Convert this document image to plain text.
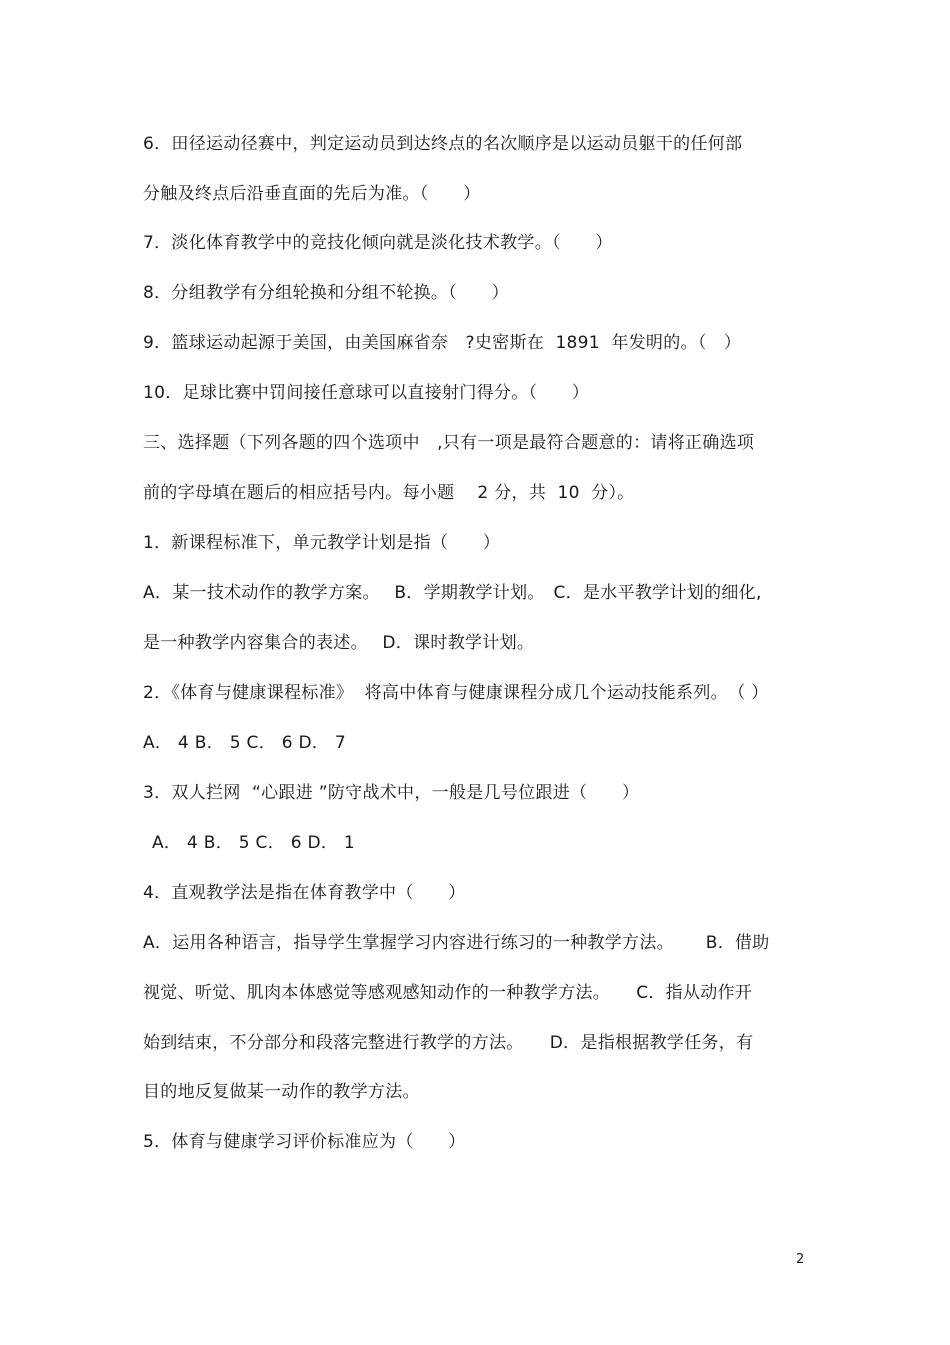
6．田径运动径赛中，判定运动员到达终点的名次顺序是以运动员躯干的任何部
分触及终点后沿垂直面的先后为准。（　　）
7．淡化体育教学中的竞技化倾向就是淡化技术教学。（　　）
8．分组教学有分组轮换和分组不轮换。（　　）
9．篮球运动起源于美国，由美国麻省奈　?史密斯在  1891  年发明的。（　）
10．足球比赛中罚间接任意球可以直接射门得分。（　　）
三、选择题（下列各题的四个选项中　,只有一项是最符合题意的：请将正确选项
前的字母填在题后的相应括号内。每小题　 2 分，共  10  分）。
1．新课程标准下，单元教学计划是指（　　）
A．某一技术动作的教学方案。　 B．学期教学计划。　C．是水平教学计划的细化,
是一种教学内容集合的表述。　 D．课时教学计划。
2．《体育与健康课程标准》  将高中体育与健康课程分成几个运动技能系列。　（ ）
A． 4 B． 5 C． 6 D． 7
3．双人拦网  “心跟进 ”防守战术中，一般是几号位跟进（　　）
A． 4 B． 5 C． 6 D． 1
4．直观教学法是指在体育教学中（　　）
A．运用各种语言，指导学生掌握学习内容进行练习的一种教学方法。　　 B．借助
视觉、听觉、肌肉本体感觉等感观感知动作的一种教学方法。　　C．指从动作开
始到结束，不分部分和段落完整进行教学的方法。　　D．是指根据教学任务，有
目的地反复做某一动作的教学方法。
5．体育与健康学习评价标准应为（　　）
2
